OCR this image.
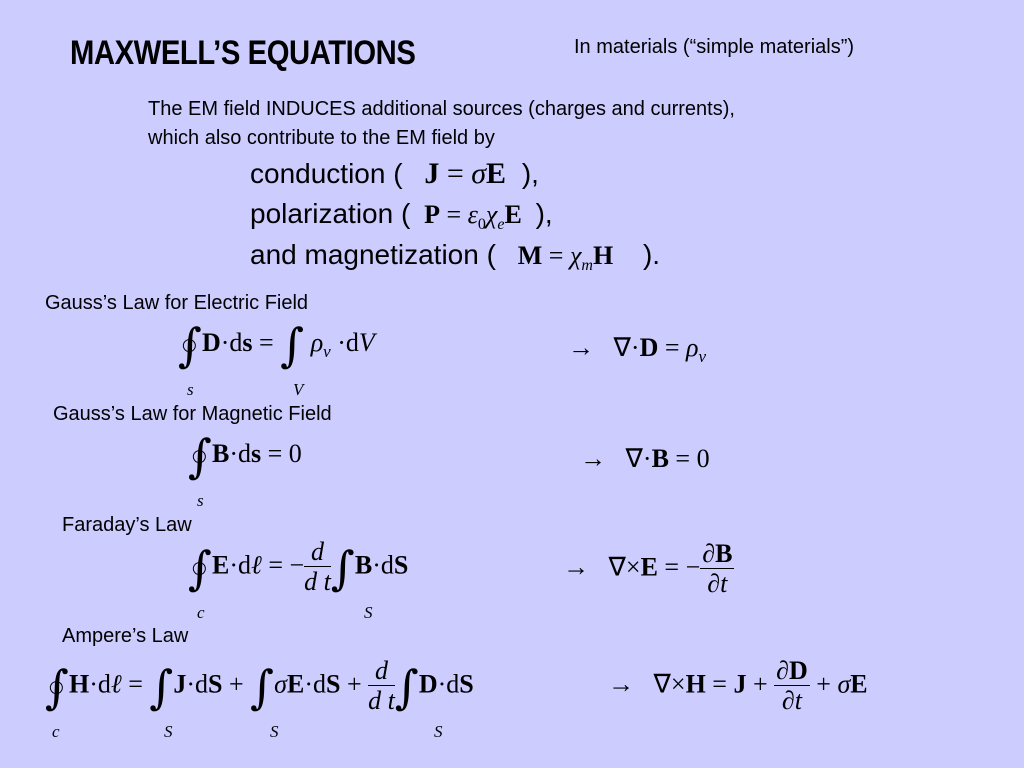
MAXWELL’S EQUATIONS	In materials (“simple materials”)
The EM field INDUCES additional sources (charges and currents),
which also contribute to the EM field by
conduction ( J = σE ),
polarization ( $P = \varepsilon_0\chi_eE$ ),
and magnetization ( $M = \chi_mH$ ).
Gauss’s Law for Electric Field
∫D·ds = ∫ $\rho_v \cdot dV$
s	V
→   $\nabla\cdot D = \rho_v$
Gauss’s Law for Magnetic Field
∫B·ds = 0
s
→   ∇·B = 0
Faraday’s Law
∫E·dℓ = − $\frac{d}{\text{d t}} \int B\cdot dS$
c	S
→   ∇×E = − $\frac{\partial B}{\partial t}$
Ampere’s Law
∫H·dℓ = $\int J\cdot dS + \int\sigma E\cdot dS + \frac{d}{\text{d t}} \int D\cdot dS$
c	S	S	S
→   $\nabla\times H = J + \frac{\partial D}{\partial t} + \sigma E$
